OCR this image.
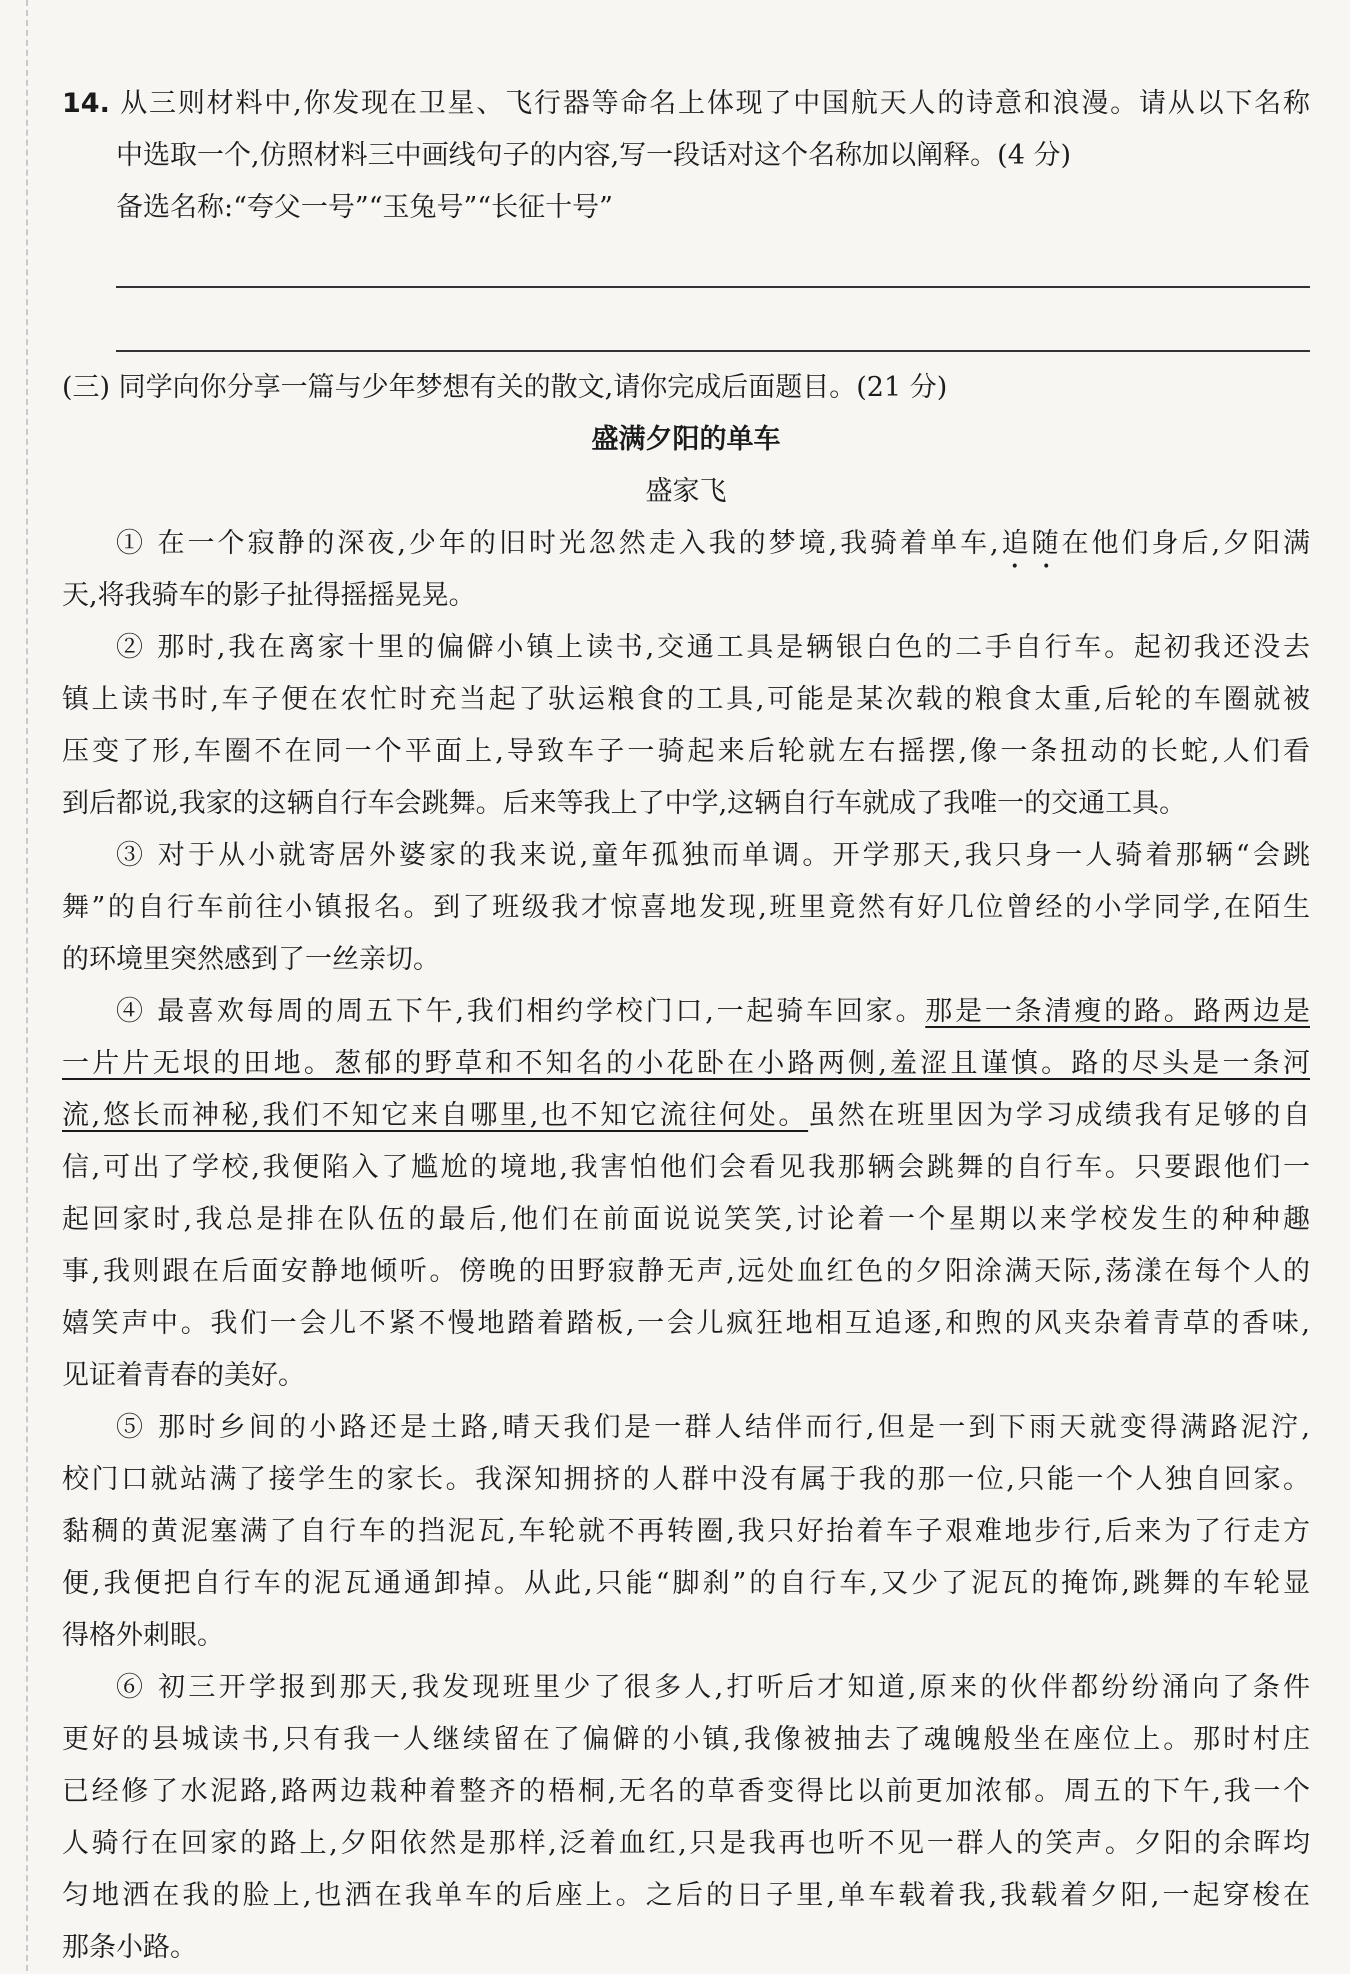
14. 从三则材料中,你发现在卫星、飞行器等命名上体现了中国航天人的诗意和浪漫。请从以下名称
中选取一个,仿照材料三中画线句子的内容,写一段话对这个名称加以阐释。(4 分)
备选名称:“夸父一号”“玉兔号”“长征十号”
(三) 同学向你分享一篇与少年梦想有关的散文,请你完成后面题目。(21 分)
盛满夕阳的单车
盛家飞
① 在一个寂静的深夜,少年的旧时光忽然走入我的梦境,我骑着单车,追随在他们身后,夕阳满
天,将我骑车的影子扯得摇摇晃晃。
② 那时,我在离家十里的偏僻小镇上读书,交通工具是辆银白色的二手自行车。起初我还没去
镇上读书时,车子便在农忙时充当起了驮运粮食的工具,可能是某次载的粮食太重,后轮的车圈就被
压变了形,车圈不在同一个平面上,导致车子一骑起来后轮就左右摇摆,像一条扭动的长蛇,人们看
到后都说,我家的这辆自行车会跳舞。后来等我上了中学,这辆自行车就成了我唯一的交通工具。
③ 对于从小就寄居外婆家的我来说,童年孤独而单调。开学那天,我只身一人骑着那辆“会跳
舞”的自行车前往小镇报名。到了班级我才惊喜地发现,班里竟然有好几位曾经的小学同学,在陌生
的环境里突然感到了一丝亲切。
④ 最喜欢每周的周五下午,我们相约学校门口,一起骑车回家。那是一条清瘦的路。路两边是
一片片无垠的田地。葱郁的野草和不知名的小花卧在小路两侧,羞涩且谨慎。路的尽头是一条河
流,悠长而神秘,我们不知它来自哪里,也不知它流往何处。虽然在班里因为学习成绩我有足够的自
信,可出了学校,我便陷入了尴尬的境地,我害怕他们会看见我那辆会跳舞的自行车。只要跟他们一
起回家时,我总是排在队伍的最后,他们在前面说说笑笑,讨论着一个星期以来学校发生的种种趣
事,我则跟在后面安静地倾听。傍晚的田野寂静无声,远处血红色的夕阳涂满天际,荡漾在每个人的
嬉笑声中。我们一会儿不紧不慢地踏着踏板,一会儿疯狂地相互追逐,和煦的风夹杂着青草的香味,
见证着青春的美好。
⑤ 那时乡间的小路还是土路,晴天我们是一群人结伴而行,但是一到下雨天就变得满路泥泞,
校门口就站满了接学生的家长。我深知拥挤的人群中没有属于我的那一位,只能一个人独自回家。
黏稠的黄泥塞满了自行车的挡泥瓦,车轮就不再转圈,我只好抬着车子艰难地步行,后来为了行走方
便,我便把自行车的泥瓦通通卸掉。从此,只能“脚刹”的自行车,又少了泥瓦的掩饰,跳舞的车轮显
得格外刺眼。
⑥ 初三开学报到那天,我发现班里少了很多人,打听后才知道,原来的伙伴都纷纷涌向了条件
更好的县城读书,只有我一人继续留在了偏僻的小镇,我像被抽去了魂魄般坐在座位上。那时村庄
已经修了水泥路,路两边栽种着整齐的梧桐,无名的草香变得比以前更加浓郁。周五的下午,我一个
人骑行在回家的路上,夕阳依然是那样,泛着血红,只是我再也听不见一群人的笑声。夕阳的余晖均
匀地洒在我的脸上,也洒在我单车的后座上。之后的日子里,单车载着我,我载着夕阳,一起穿梭在
那条小路。
